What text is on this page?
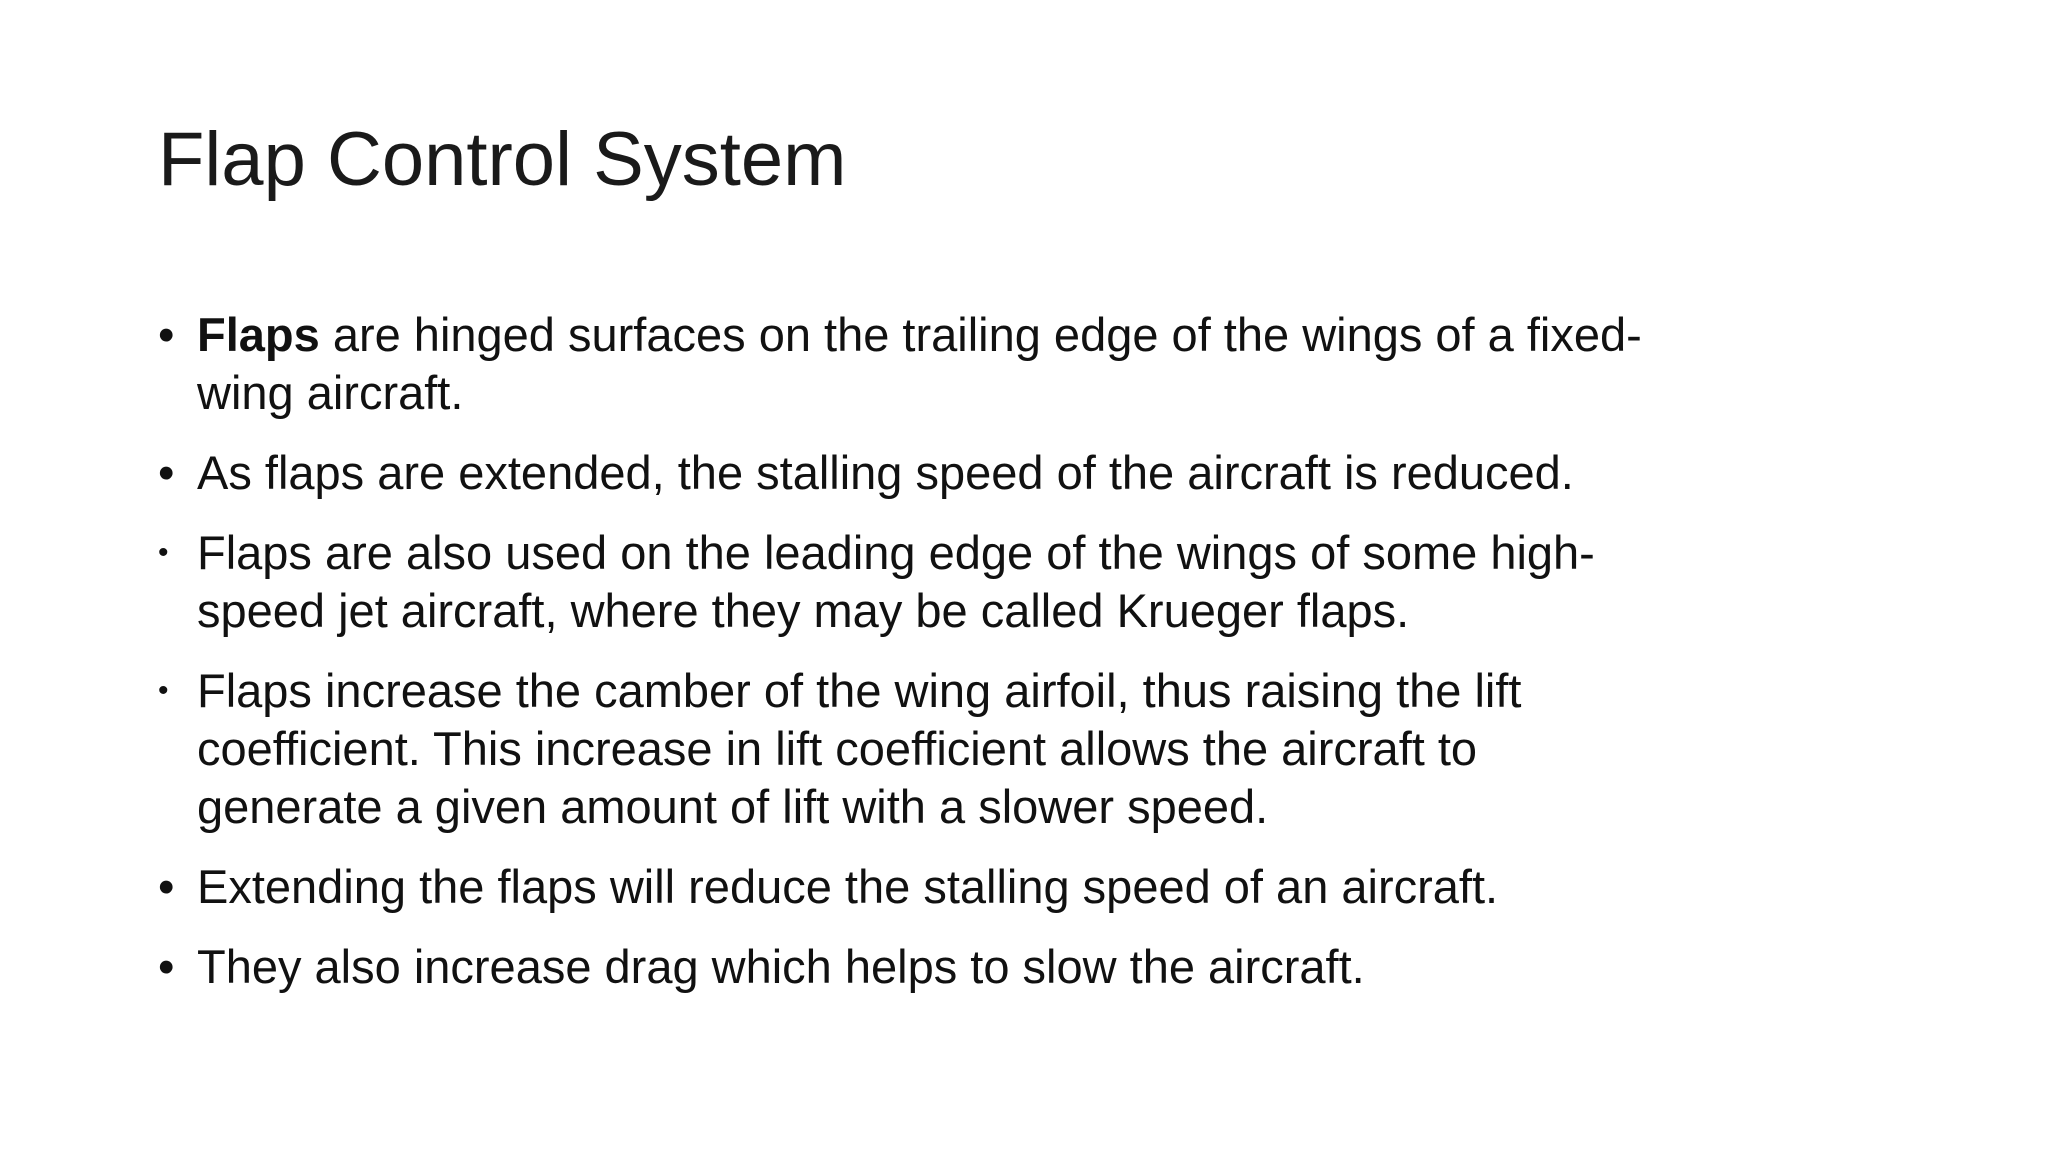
Flap Control System
• Flaps are hinged surfaces on the trailing edge of the wings of a fixed-
wing aircraft.
• As flaps are extended, the stalling speed of the aircraft is reduced.
• Flaps are also used on the leading edge of the wings of some high-
speed jet aircraft, where they may be called Krueger flaps.
• Flaps increase the camber of the wing airfoil, thus raising the lift
coefficient. This increase in lift coefficient allows the aircraft to
generate a given amount of lift with a slower speed.
• Extending the flaps will reduce the stalling speed of an aircraft.
• They also increase drag which helps to slow the aircraft.
